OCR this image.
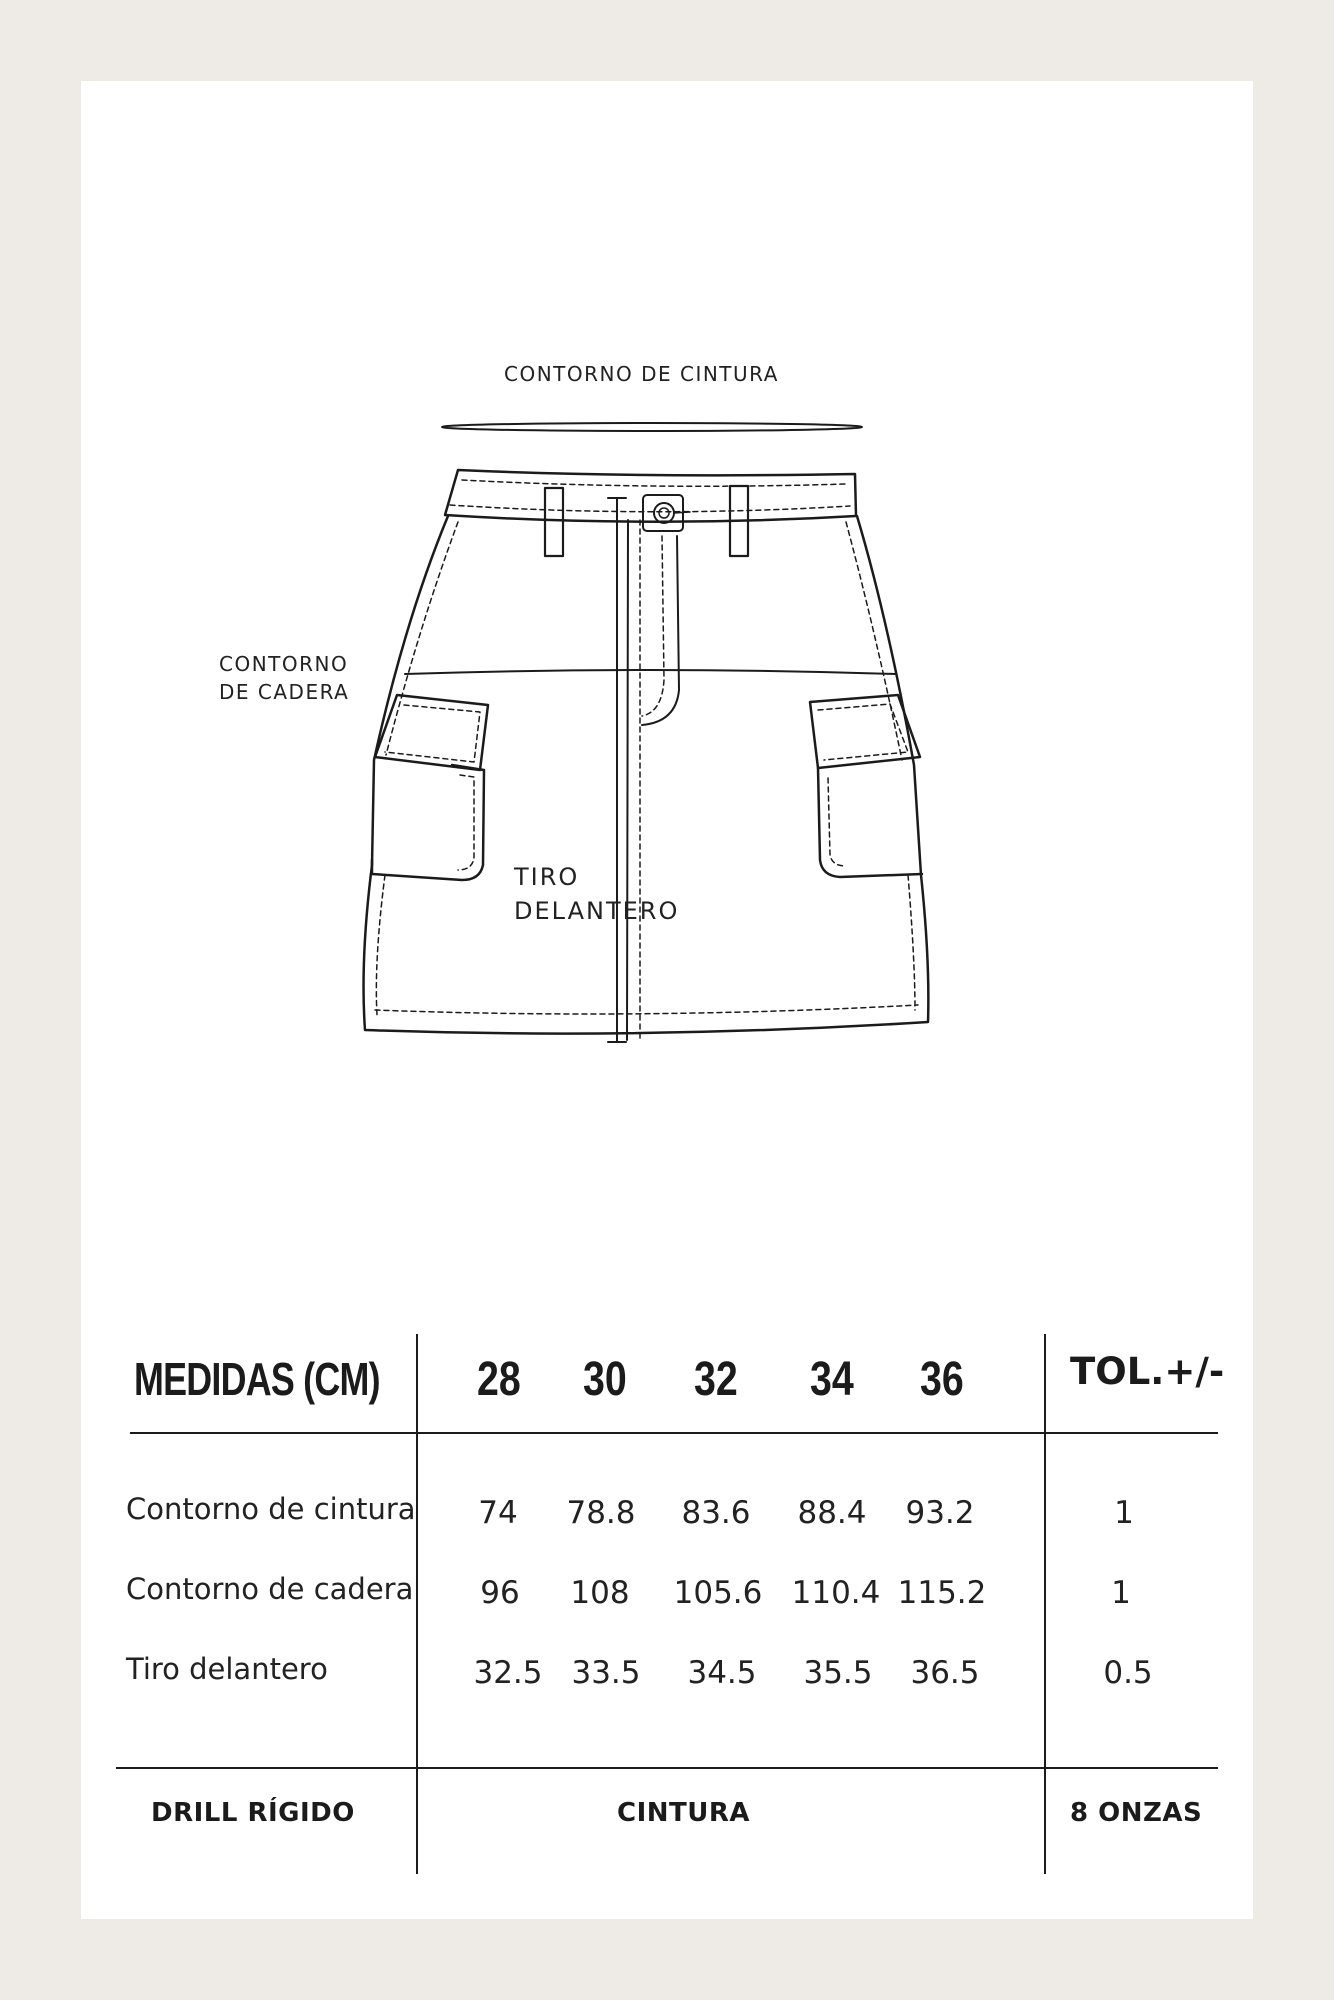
CONTORNO DE CINTURA
CONTORNO
DE CADERA
TIRO
DELANTERO
MEDIDAS (CM) 28 30 32 34 36	TOL.+/-
Contorno de cintura 74 78.8 83.6 88.4 93.2	1
Contorno de cadera 96 108 105.6 110.4 115.2	1
Tiro delantero	32.5 33.5 34.5 35.5 36.5	0.5
DRILL RÍGIDO	CINTURA	8 ONZAS
